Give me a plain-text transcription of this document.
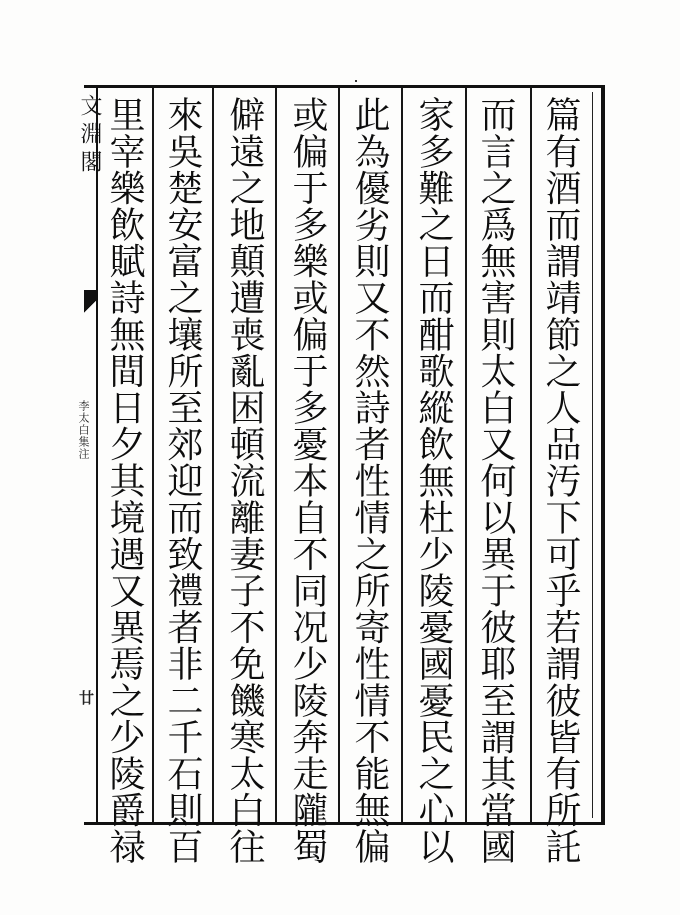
文淵閣
李太白集注
廿	篇有酒而謂靖節之人品汚下可乎若謂彼皆有所託
而言之爲無害則太白又何以異于彼耶至謂其當國
家多難之日而酣歌縱飲無杜少陵憂國憂民之心以
此為優劣則又不然詩者性情之所寄性情不能無偏
或偏于多樂或偏于多憂本自不同况少陵奔走隴蜀
僻遠之地顛遭喪亂困頓流離妻子不免饑寒太白往
來吳楚安富之壤所至郊迎而致禮者非二千石則百
里宰樂飲賦詩無間日夕其境遇又異焉之少陵爵禄
